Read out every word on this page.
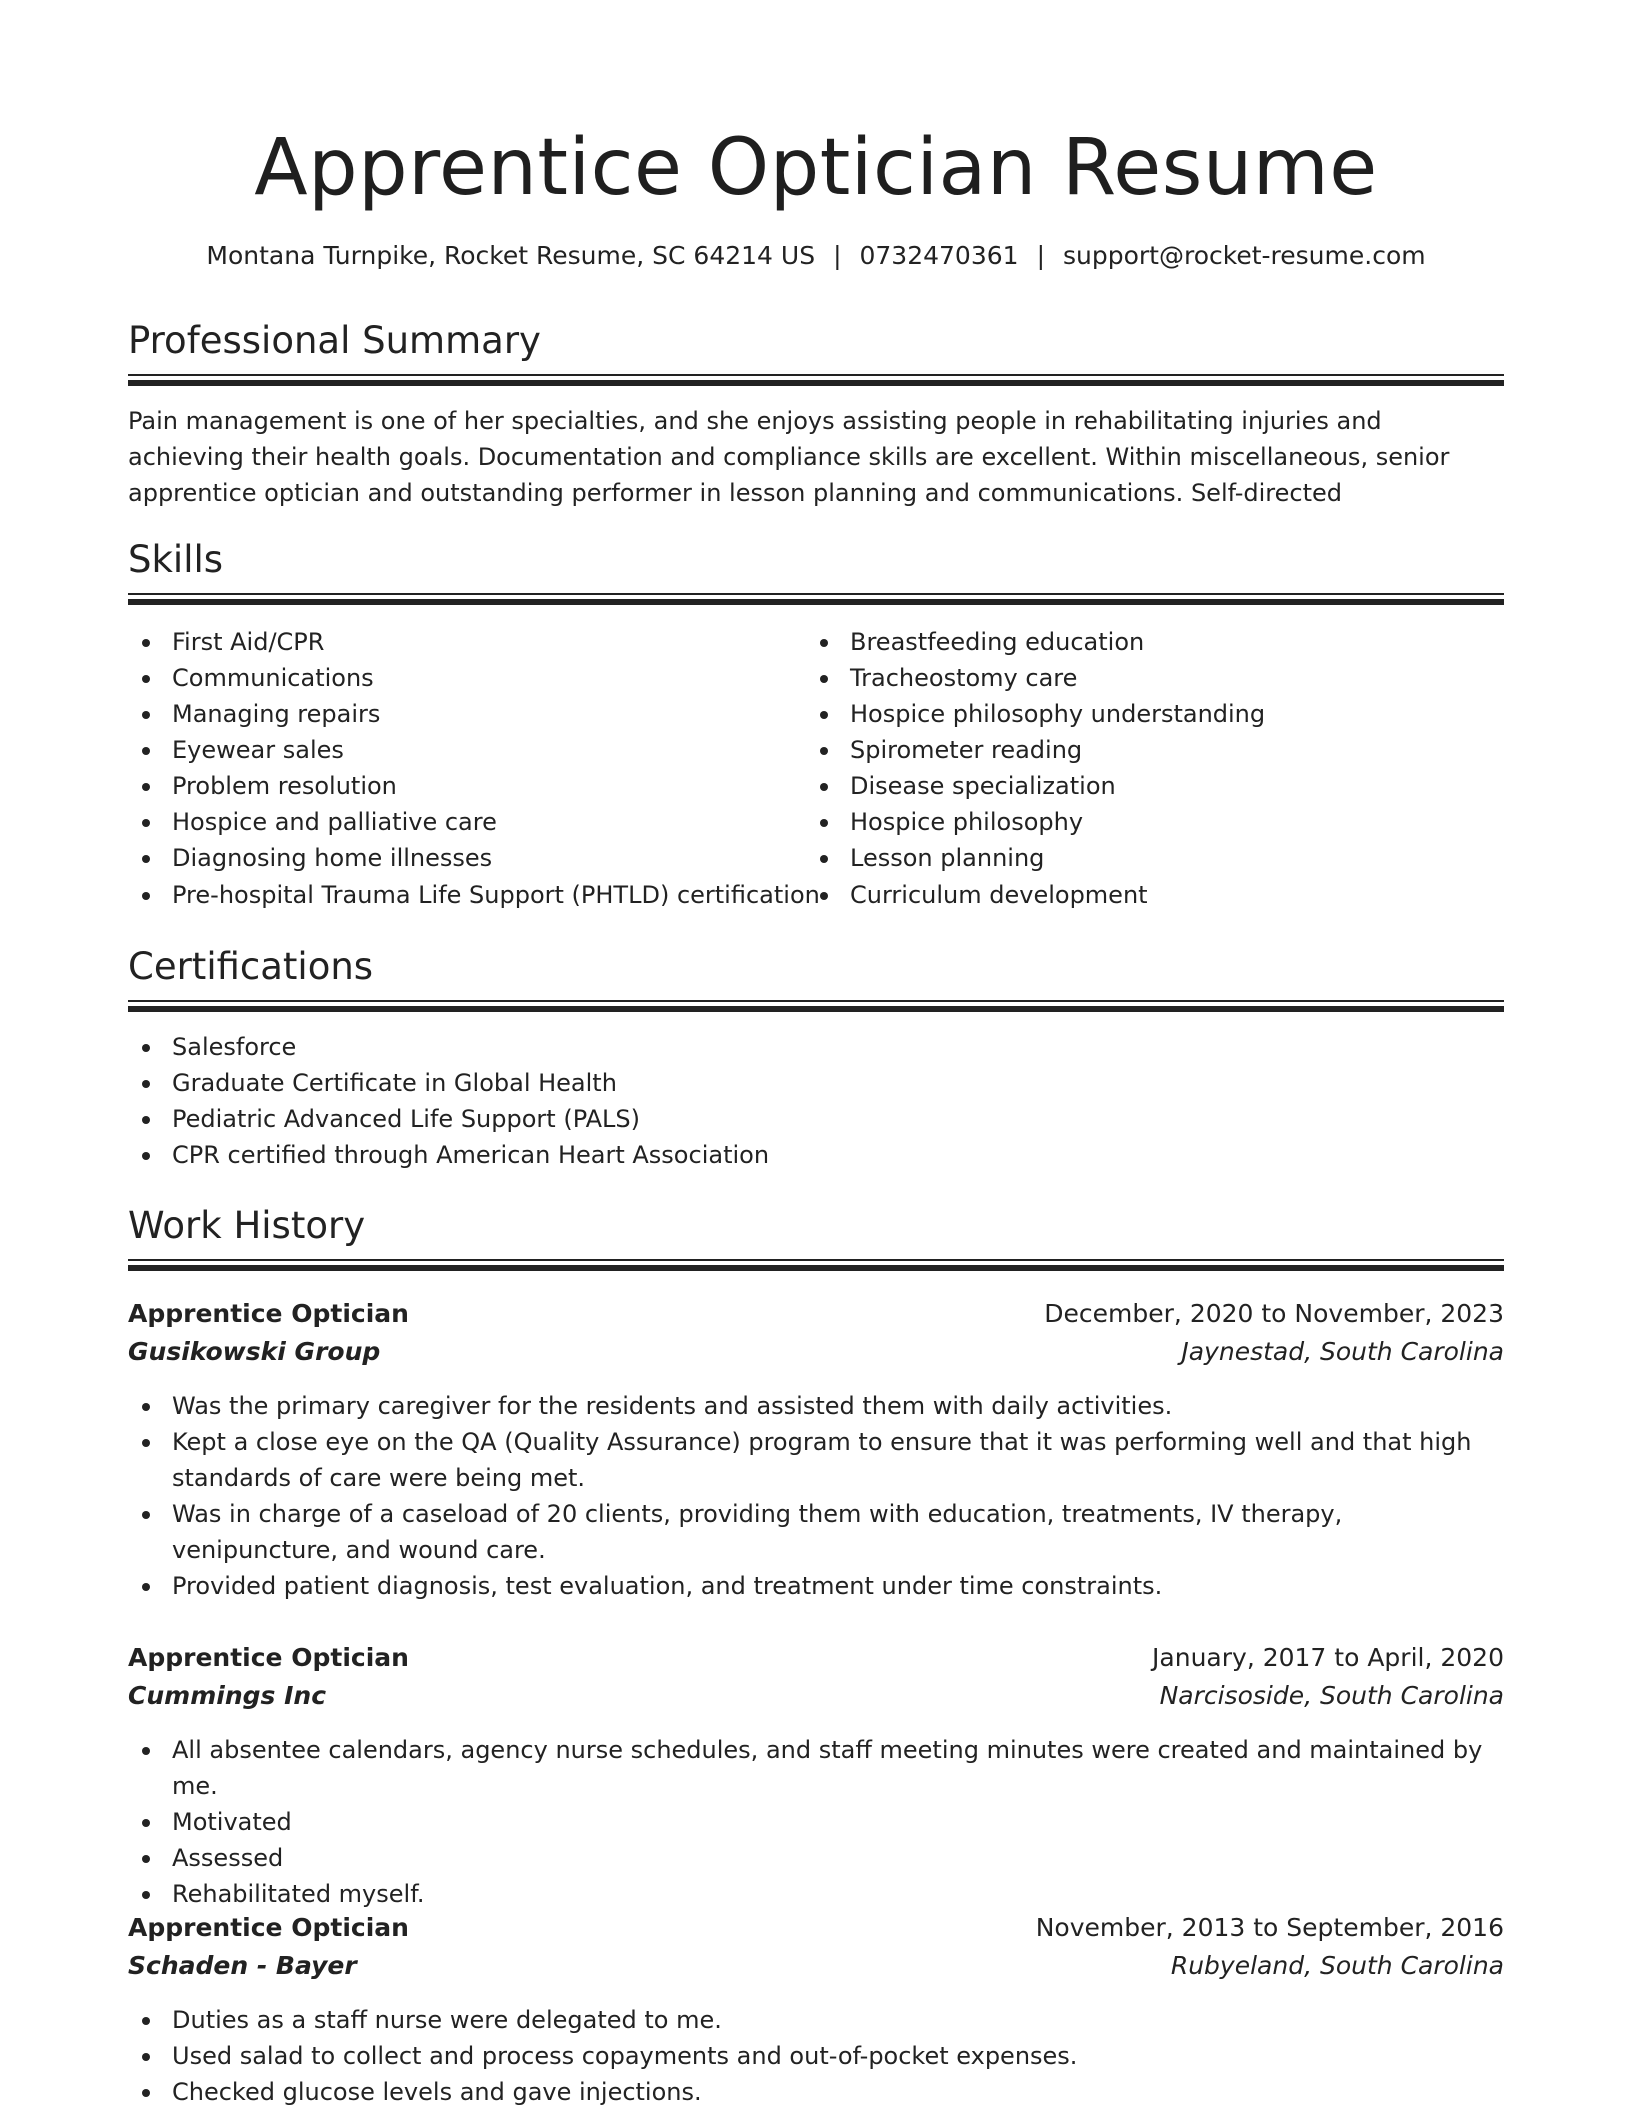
Apprentice Optician Resume
Montana Turnpike, Rocket Resume, SC 64214 US | 0732470361 | support@rocket-resume.com
Professional Summary

Pain management is one of her specialties, and she enjoys assisting people in rehabilitating injuries and achieving their health goals. Documentation and compliance skills are excellent. Within miscellaneous, senior apprentice optician and outstanding performer in lesson planning and communications. Self-directed

Skills
First Aid/CPR
Communications
Managing repairs
Eyewear sales
Problem resolution
Hospice and palliative care
Diagnosing home illnesses
Pre-hospital Trauma Life Support (PHTLD) certification
Breastfeeding education
Tracheostomy care
Hospice philosophy understanding
Spirometer reading
Disease specialization
Hospice philosophy
Lesson planning
Curriculum development
Certifications
Salesforce
Graduate Certificate in Global Health
Pediatric Advanced Life Support (PALS)
CPR certified through American Heart Association
Work History
Apprentice Optician	December, 2020 to November, 2023
Gusikowski Group	Jaynestad, South Carolina
Was the primary caregiver for the residents and assisted them with daily activities.
Kept a close eye on the QA (Quality Assurance) program to ensure that it was performing well and that high standards of care were being met.
Was in charge of a caseload of 20 clients, providing them with education, treatments, IV therapy, venipuncture, and wound care.
Provided patient diagnosis, test evaluation, and treatment under time constraints.
Apprentice Optician	January, 2017 to April, 2020
Cummings Inc	Narcisoside, South Carolina
All absentee calendars, agency nurse schedules, and staff meeting minutes were created and maintained by me.
Motivated
Assessed
Rehabilitated myself.
Apprentice Optician	November, 2013 to September, 2016
Schaden - Bayer	Rubyeland, South Carolina
Duties as a staff nurse were delegated to me.
Used salad to collect and process copayments and out-of-pocket expenses.
Checked glucose levels and gave injections.
